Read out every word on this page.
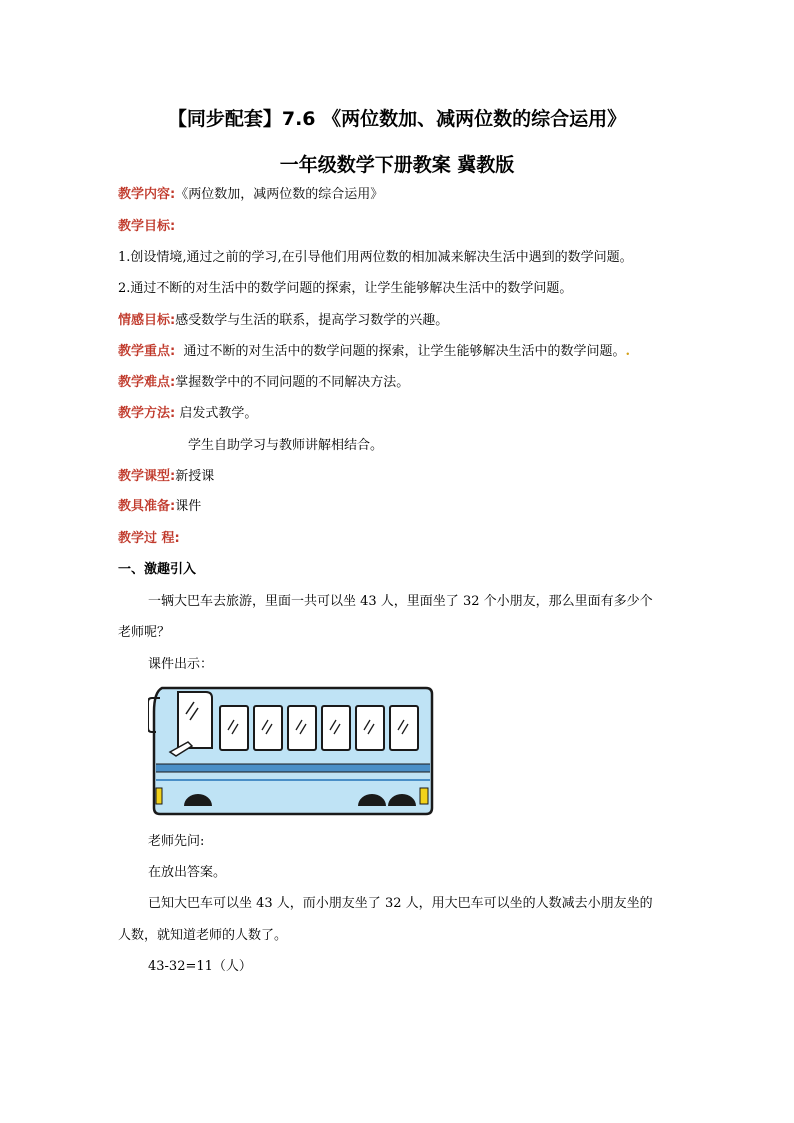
【同步配套】7.6 《两位数加、减两位数的综合运用》
一年级数学下册教案 冀教版
教学内容:《两位数加，减两位数的综合运用》
教学目标:
1.创设情境,通过之前的学习,在引导他们用两位数的相加减来解决生活中遇到的数学问题。
2.通过不断的对生活中的数学问题的探索，让学生能够解决生活中的数学问题。
情感目标:感受数学与生活的联系，提高学习数学的兴趣。
教学重点:  通过不断的对生活中的数学问题的探索，让学生能够解决生活中的数学问题。.
教学难点:掌握数学中的不同问题的不同解决方法。
教学方法: 启发式教学。
学生自助学习与教师讲解相结合。
教学课型:新授课
教具准备:课件
教学过 程:
一、激趣引入
一辆大巴车去旅游，里面一共可以坐 43 人，里面坐了 32 个小朋友，那么里面有多少个
老师呢？
课件出示：
老师先问:
在放出答案。
已知大巴车可以坐 43 人，而小朋友坐了 32 人，用大巴车可以坐的人数减去小朋友坐的
人数，就知道老师的人数了。
43-32=11（人）
